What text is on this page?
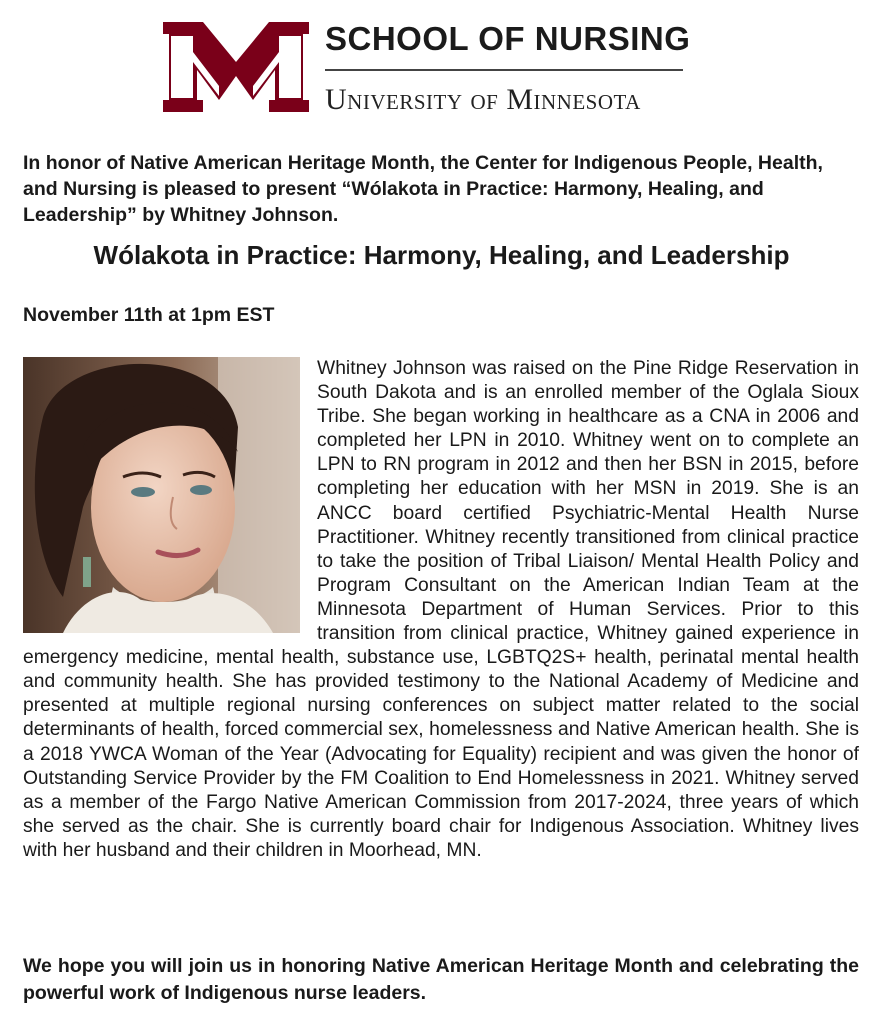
SCHOOL OF NURSING
University of Minnesota

In honor of Native American Heritage Month, the Center for Indigenous People, Health, and Nursing is pleased to present “Wólakota in Practice: Harmony, Healing, and Leadership” by Whitney Johnson.

Wólakota in Practice: Harmony, Healing, and Leadership

November 11th at 1pm EST

Whitney Johnson was raised on the Pine Ridge Reservation in South Dakota and is an enrolled member of the Oglala Sioux Tribe. She began working in healthcare as a CNA in 2006 and completed her LPN in 2010. Whitney went on to complete an LPN to RN program in 2012 and then her BSN in 2015, before completing her education with her MSN in 2019. She is an ANCC board certified Psychiatric-Mental Health Nurse Practitioner. Whitney recently transitioned from clinical practice to take the position of Tribal Liaison/ Mental Health Policy and Program Consultant on the American Indian Team at the Minnesota Department of Human Services. Prior to this transition from clinical practice, Whitney gained experience in emergency medicine, mental health, substance use, LGBTQ2S+ health, perinatal mental health and community health. She has provided testimony to the National Academy of Medicine and presented at multiple regional nursing conferences on subject matter related to the social determinants of health, forced commercial sex, homelessness and Native American health. She is a 2018 YWCA Woman of the Year (Advocating for Equality) recipient and was given the honor of Outstanding Service Provider by the FM Coalition to End Homelessness in 2021. Whitney served as a member of the Fargo Native American Commission from 2017-2024, three years of which she served as the chair. She is currently board chair for Indigenous Association. Whitney lives with her husband and their children in Moorhead, MN.

We hope you will join us in honoring Native American Heritage Month and celebrating the powerful work of Indigenous nurse leaders.
